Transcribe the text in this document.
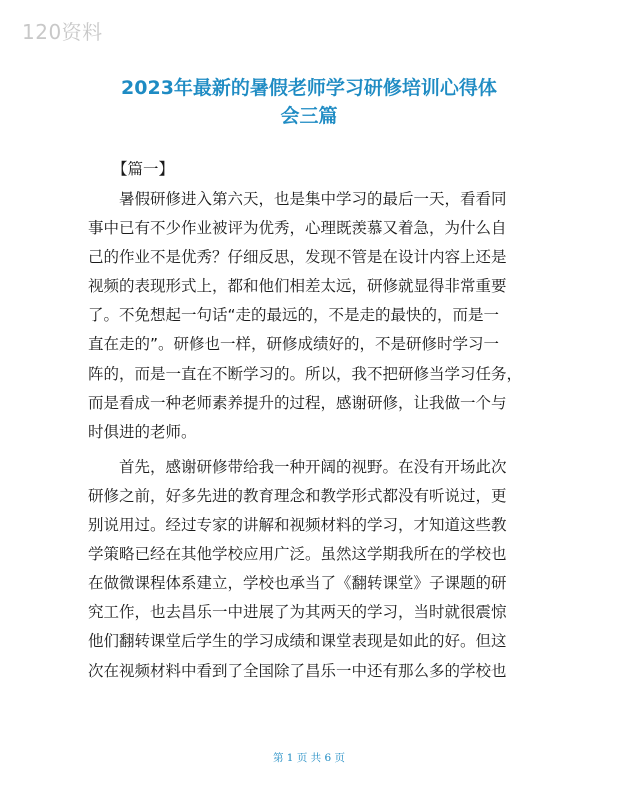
120资料
2023年最新的暑假老师学习研修培训心得体
会三篇
【篇一】
暑假研修进入第六天，也是集中学习的最后一天，看看同
事中已有不少作业被评为优秀，心理既羡慕又着急，为什么自
己的作业不是优秀？仔细反思，发现不管是在设计内容上还是
视频的表现形式上，都和他们相差太远，研修就显得非常重要
了。不免想起一句话“走的最远的，不是走的最快的，而是一
直在走的”。研修也一样，研修成绩好的，不是研修时学习一
阵的，而是一直在不断学习的。所以，我不把研修当学习任务，
而是看成一种老师素养提升的过程，感谢研修，让我做一个与
时俱进的老师。
首先，感谢研修带给我一种开阔的视野。在没有开场此次
研修之前，好多先进的教育理念和教学形式都没有听说过，更
别说用过。经过专家的讲解和视频材料的学习，才知道这些教
学策略已经在其他学校应用广泛。虽然这学期我所在的学校也
在做微课程体系建立，学校也承当了《翻转课堂》子课题的研
究工作，也去昌乐一中进展了为其两天的学习，当时就很震惊
他们翻转课堂后学生的学习成绩和课堂表现是如此的好。但这
次在视频材料中看到了全国除了昌乐一中还有那么多的学校也
第 1 页 共 6 页
